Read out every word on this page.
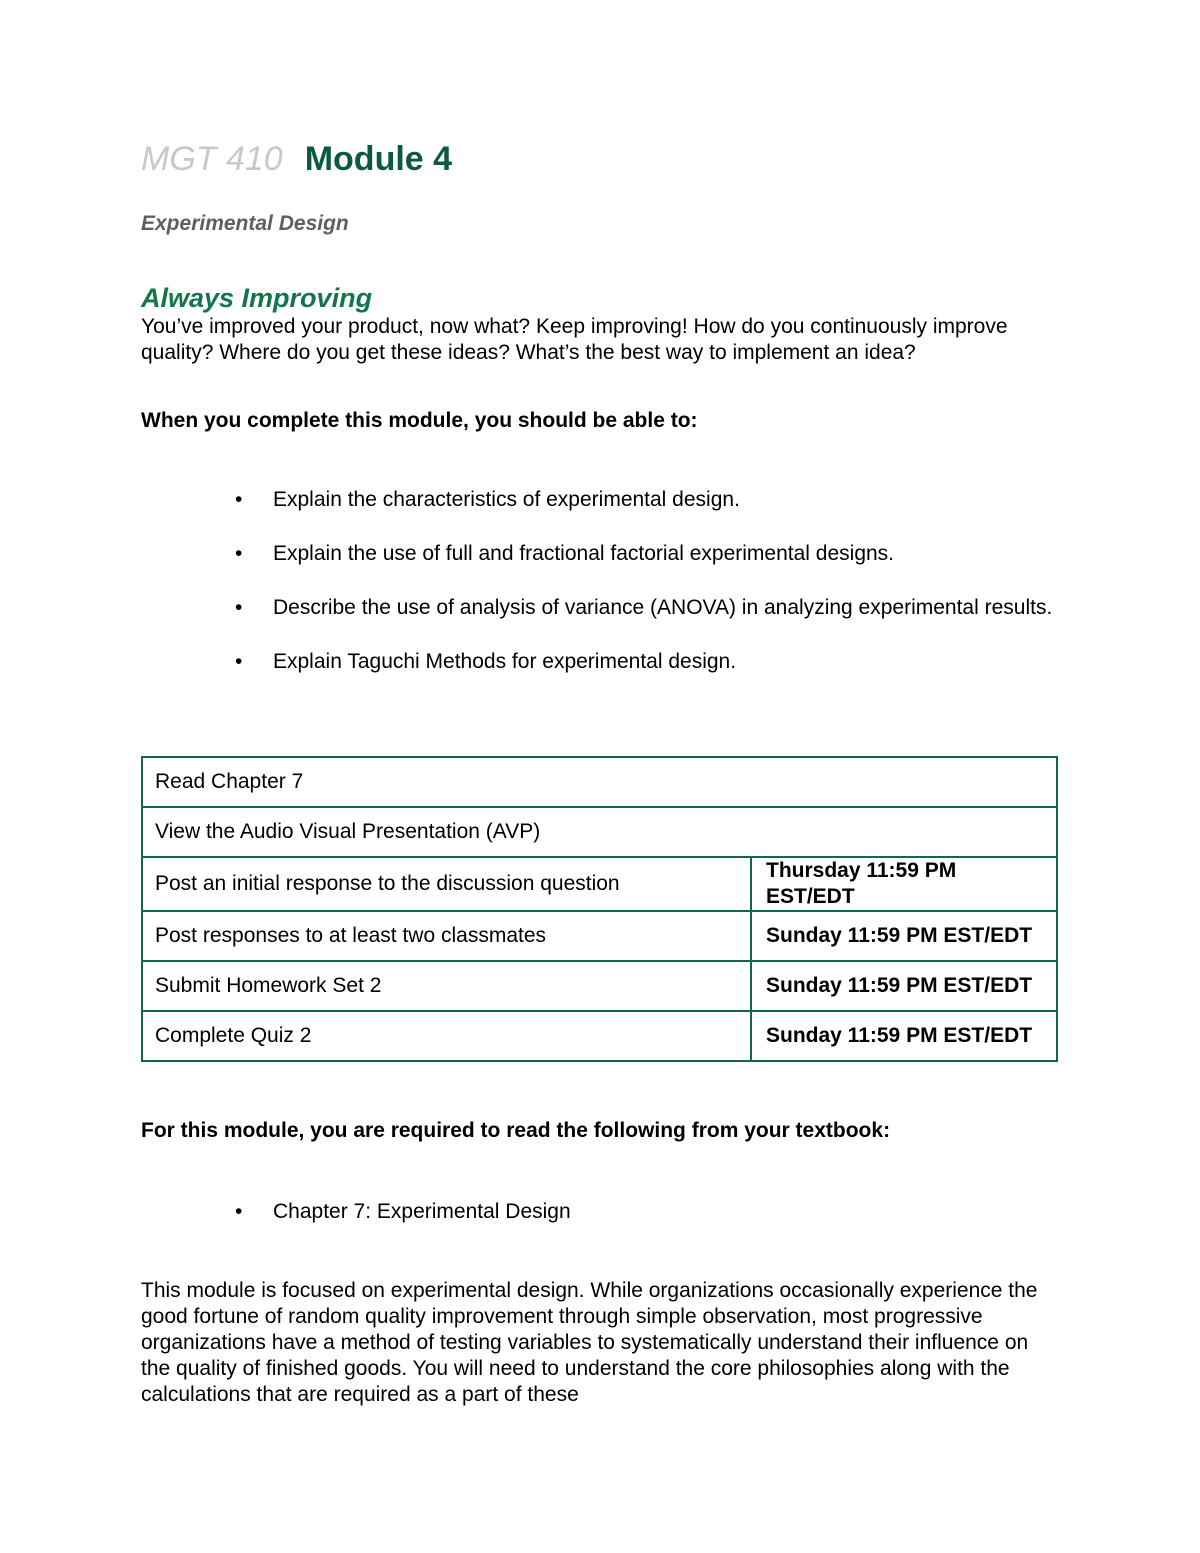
MGT 410 Module 4
Experimental Design
Always Improving

You’ve improved your product, now what? Keep improving! How do you continuously improve quality? Where do you get these ideas? What’s the best way to implement an idea?

When you complete this module, you should be able to:
• Explain the characteristics of experimental design.
• Explain the use of full and fractional factorial experimental designs.
• Describe the use of analysis of variance (ANOVA) in analyzing experimental results.
• Explain Taguchi Methods for experimental design.
Read Chapter 7	
View the Audio Visual Presentation (AVP)	
Post an initial response to the discussion question	Thursday 11:59 PM EST/EDT
Post responses to at least two classmates	Sunday 11:59 PM EST/EDT
Submit Homework Set 2	Sunday 11:59 PM EST/EDT
Complete Quiz 2	Sunday 11:59 PM EST/EDT
For this module, you are required to read the following from your textbook:
• Chapter 7: Experimental Design

This module is focused on experimental design. While organizations occasionally experience the good fortune of random quality improvement through simple observation, most progressive organizations have a method of testing variables to systematically understand their influence on the quality of finished goods. You will need to understand the core philosophies along with the calculations that are required as a part of these
